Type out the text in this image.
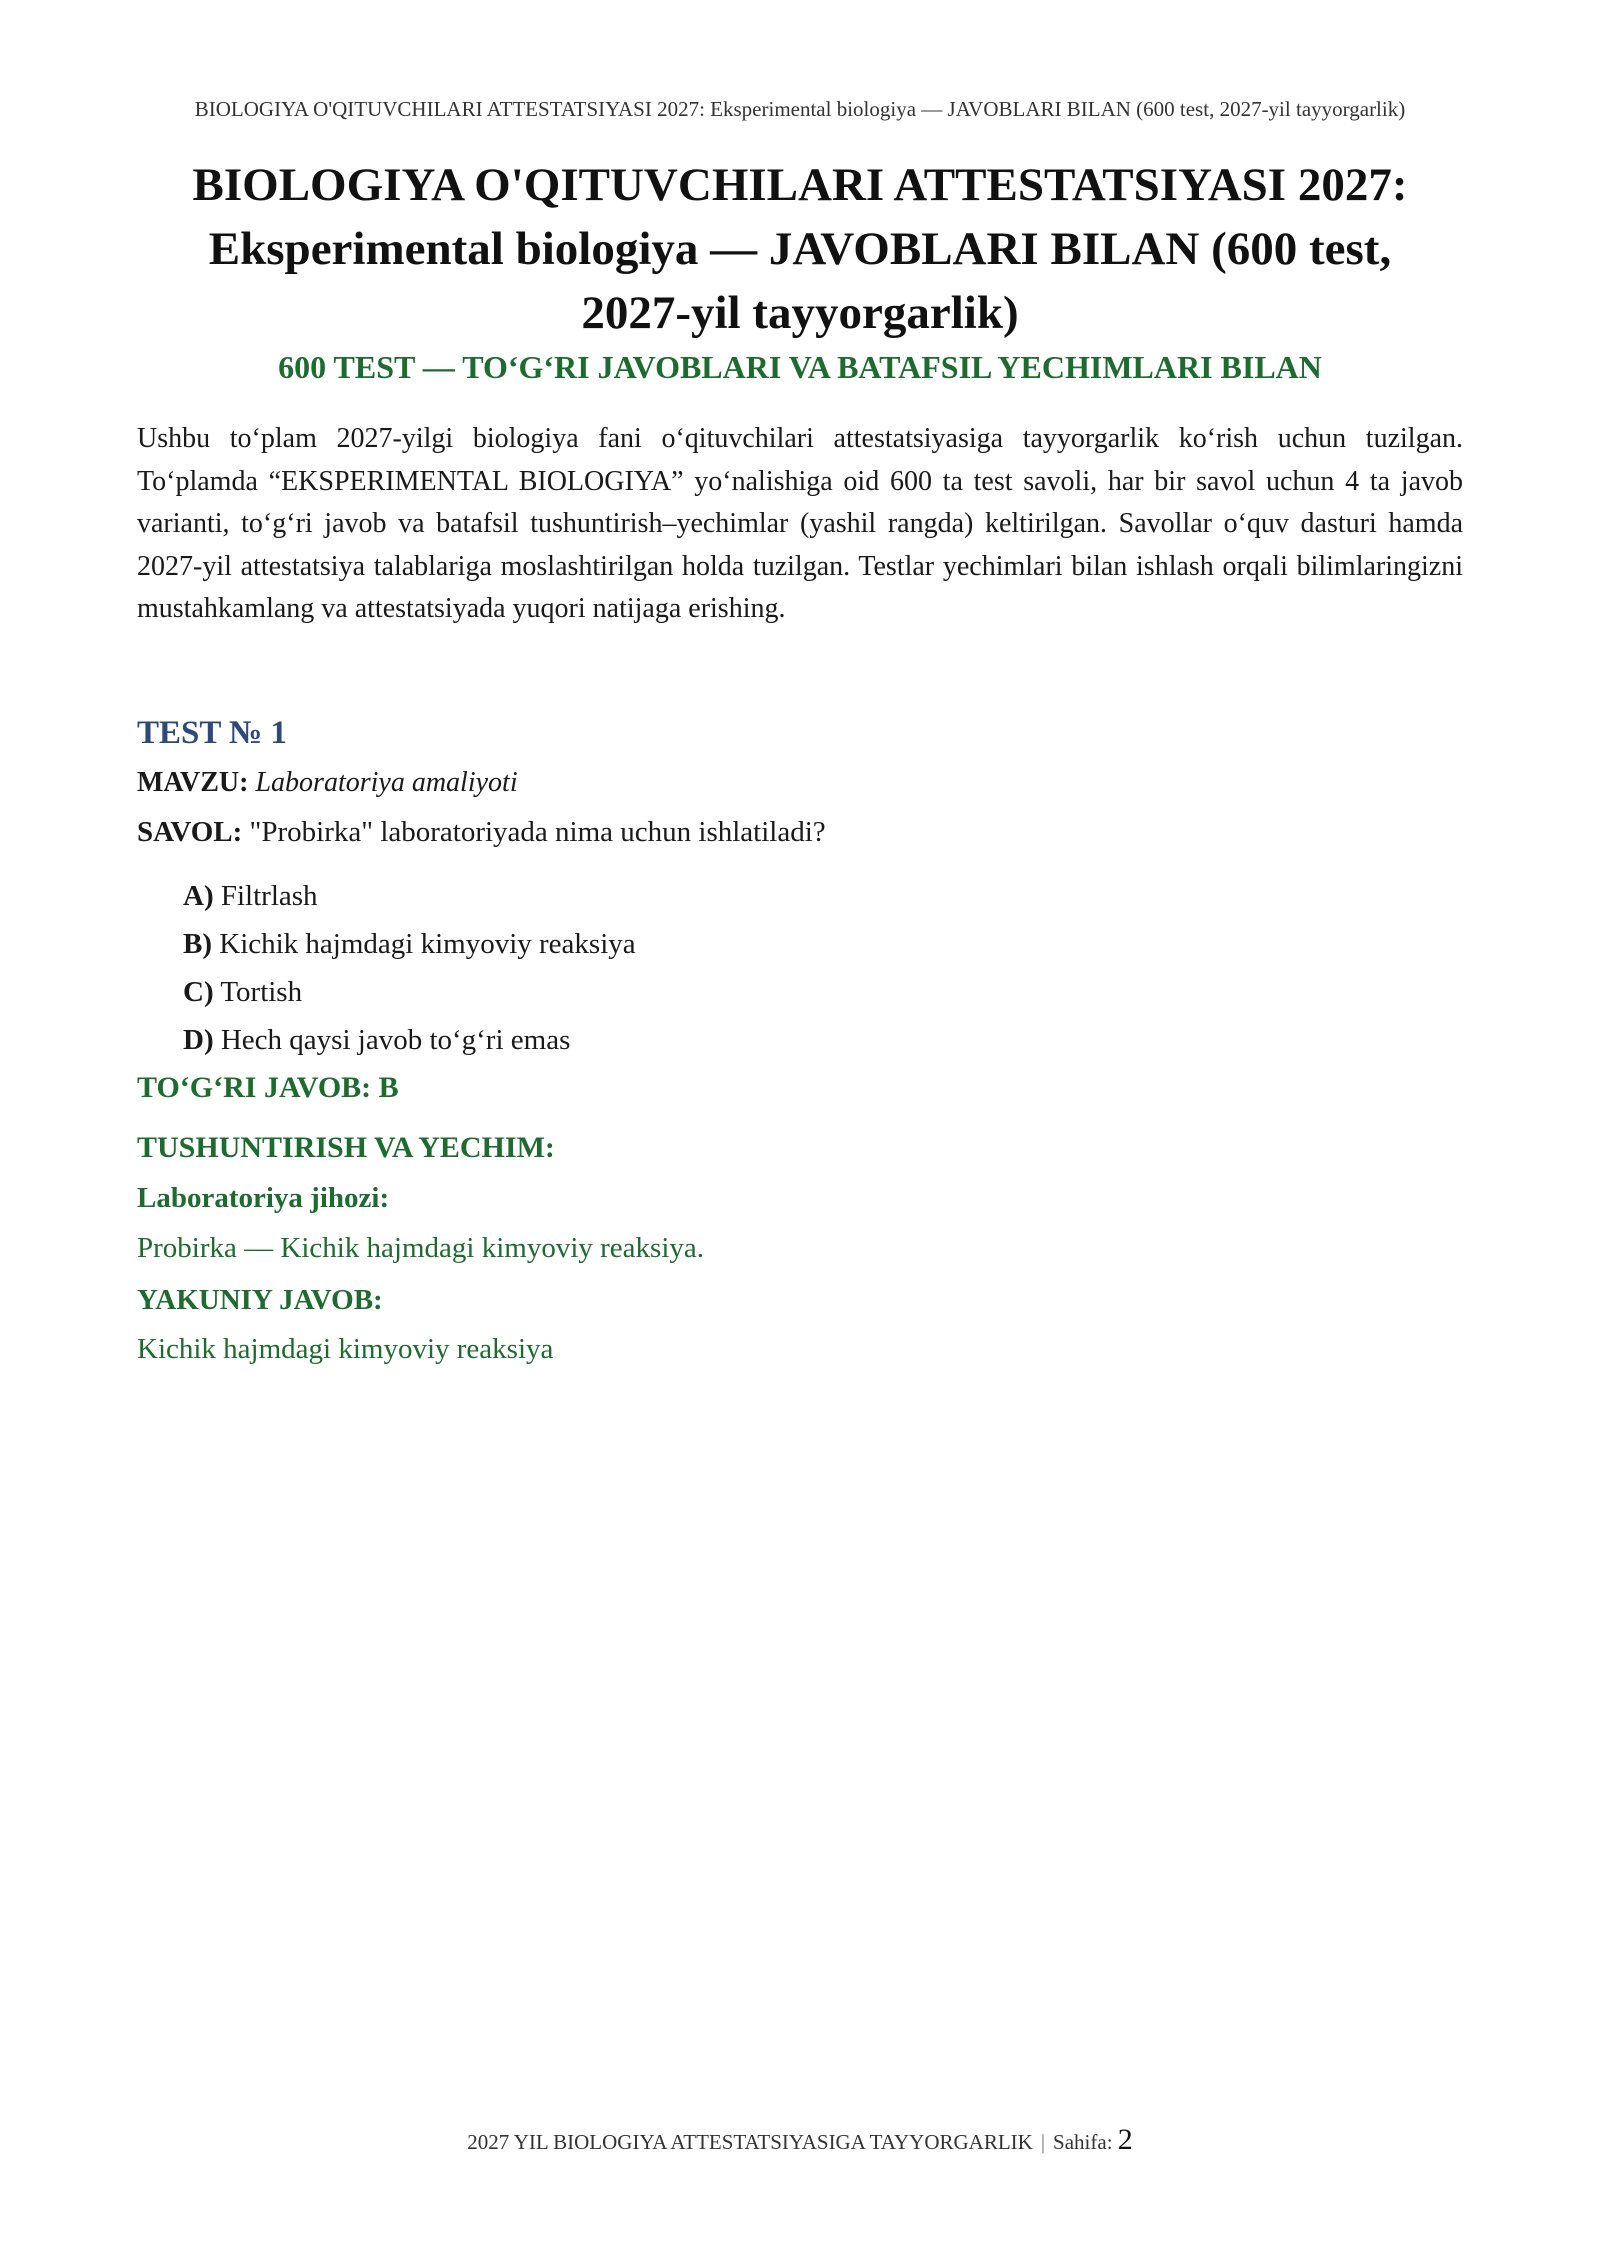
BIOLOGIYA O'QITUVCHILARI ATTESTATSIYASI 2027: Eksperimental biologiya — JAVOBLARI BILAN (600 test, 2027-yil tayyorgarlik)
BIOLOGIYA O'QITUVCHILARI ATTESTATSIYASI 2027:
Eksperimental biologiya — JAVOBLARI BILAN (600 test,
2027-yil tayyorgarlik)
600 TEST — TO‘G‘RI JAVOBLARI VA BATAFSIL YECHIMLARI BILAN

Ushbu to‘plam 2027-yilgi biologiya fani o‘qituvchilari attestatsiyasiga tayyorgarlik ko‘rish uchun tuzilgan. To‘plamda “EKSPERIMENTAL BIOLOGIYA” yo‘nalishiga oid 600 ta test savoli, har bir savol uchun 4 ta javob varianti, to‘g‘ri javob va batafsil tushuntirish–yechimlar (yashil rangda) keltirilgan. Savollar o‘quv dasturi hamda 2027-yil attestatsiya talablariga moslashtirilgan holda tuzilgan. Testlar yechimlari bilan ishlash orqali bilimlaringizni mustahkamlang va attestatsiyada yuqori natijaga erishing.

TEST № 1
MAVZU: Laboratoriya amaliyoti
SAVOL: "Probirka" laboratoriyada nima uchun ishlatiladi?
A) Filtrlash
B) Kichik hajmdagi kimyoviy reaksiya
C) Tortish
D) Hech qaysi javob to‘g‘ri emas
TO‘G‘RI JAVOB: B
TUSHUNTIRISH VA YECHIM:
Laboratoriya jihozi:
Probirka — Kichik hajmdagi kimyoviy reaksiya.
YAKUNIY JAVOB:
Kichik hajmdagi kimyoviy reaksiya
2027 YIL BIOLOGIYA ATTESTATSIYASIGA TAYYORGARLIK | Sahifa: 2
